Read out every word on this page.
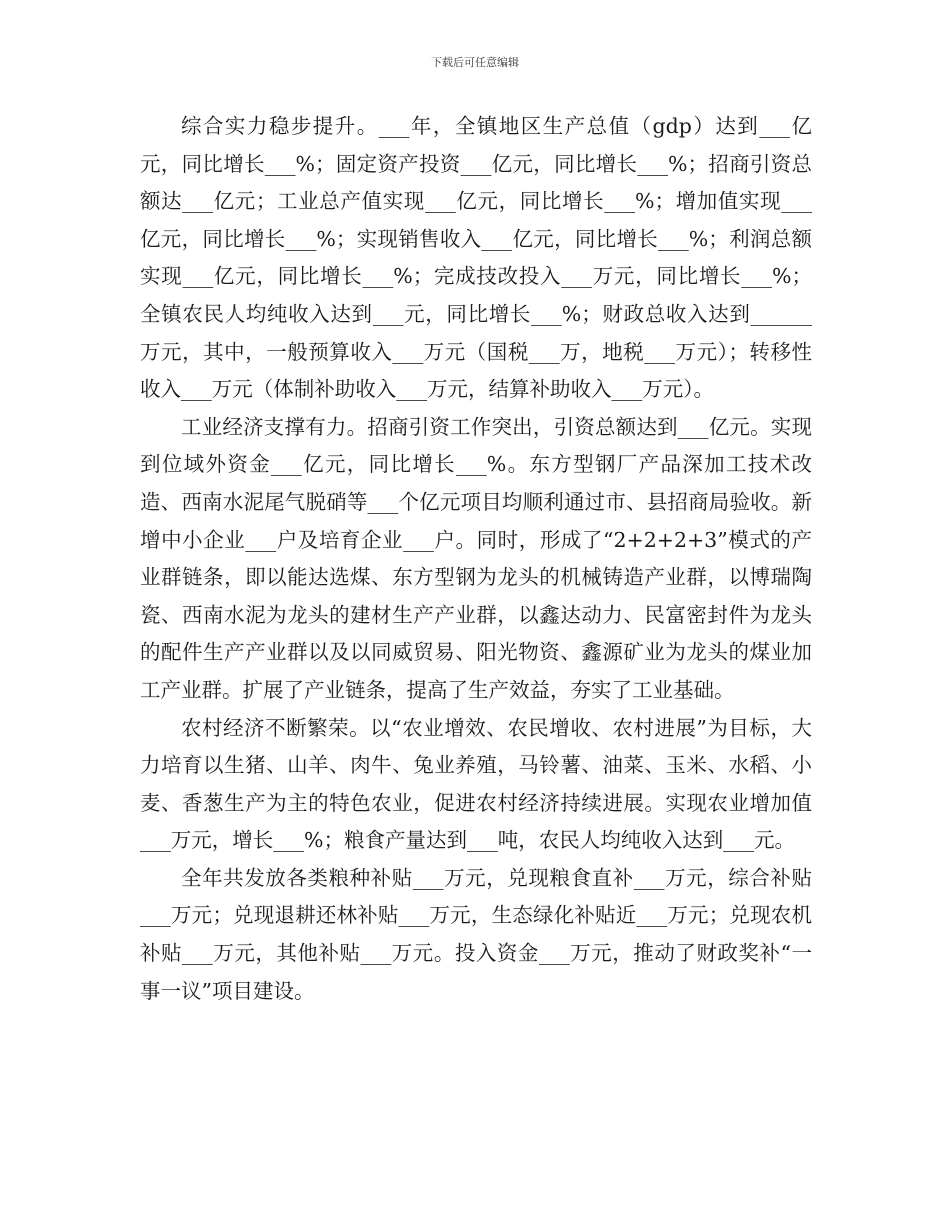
下载后可任意编辑

综合实力稳步提升。___年，全镇地区生产总值（gdp）达到___亿元，同比增长___%；固定资产投资___亿元，同比增长___%；招商引资总额达___亿元；工业总产值实现___亿元，同比增长___%；增加值实现___亿元，同比增长___%；实现销售收入___亿元，同比增长___%；利润总额实现___亿元，同比增长___%；完成技改投入___万元，同比增长___%；全镇农民人均纯收入达到___元，同比增长___%；财政总收入达到______万元，其中，一般预算收入___万元（国税___万，地税___万元）；转移性收入___万元（体制补助收入___万元，结算补助收入___万元）。

工业经济支撑有力。招商引资工作突出，引资总额达到___亿元。实现到位域外资金___亿元，同比增长___%。东方型钢厂产品深加工技术改造、西南水泥尾气脱硝等___个亿元项目均顺利通过市、县招商局验收。新增中小企业___户及培育企业___户。同时，形成了“2+2+2+3”模式的产业群链条，即以能达选煤、东方型钢为龙头的机械铸造产业群，以博瑞陶瓷、西南水泥为龙头的建材生产产业群，以鑫达动力、民富密封件为龙头的配件生产产业群以及以同威贸易、阳光物资、鑫源矿业为龙头的煤业加工产业群。扩展了产业链条，提高了生产效益，夯实了工业基础。

农村经济不断繁荣。以“农业增效、农民增收、农村进展”为目标，大力培育以生猪、山羊、肉牛、兔业养殖，马铃薯、油菜、玉米、水稻、小麦、香葱生产为主的特色农业，促进农村经济持续进展。实现农业增加值___万元，增长___%；粮食产量达到___吨，农民人均纯收入达到___元。

全年共发放各类粮种补贴___万元，兑现粮食直补___万元，综合补贴___万元；兑现退耕还林补贴___万元，生态绿化补贴近___万元；兑现农机补贴___万元，其他补贴___万元。投入资金___万元，推动了财政奖补“一事一议”项目建设。
